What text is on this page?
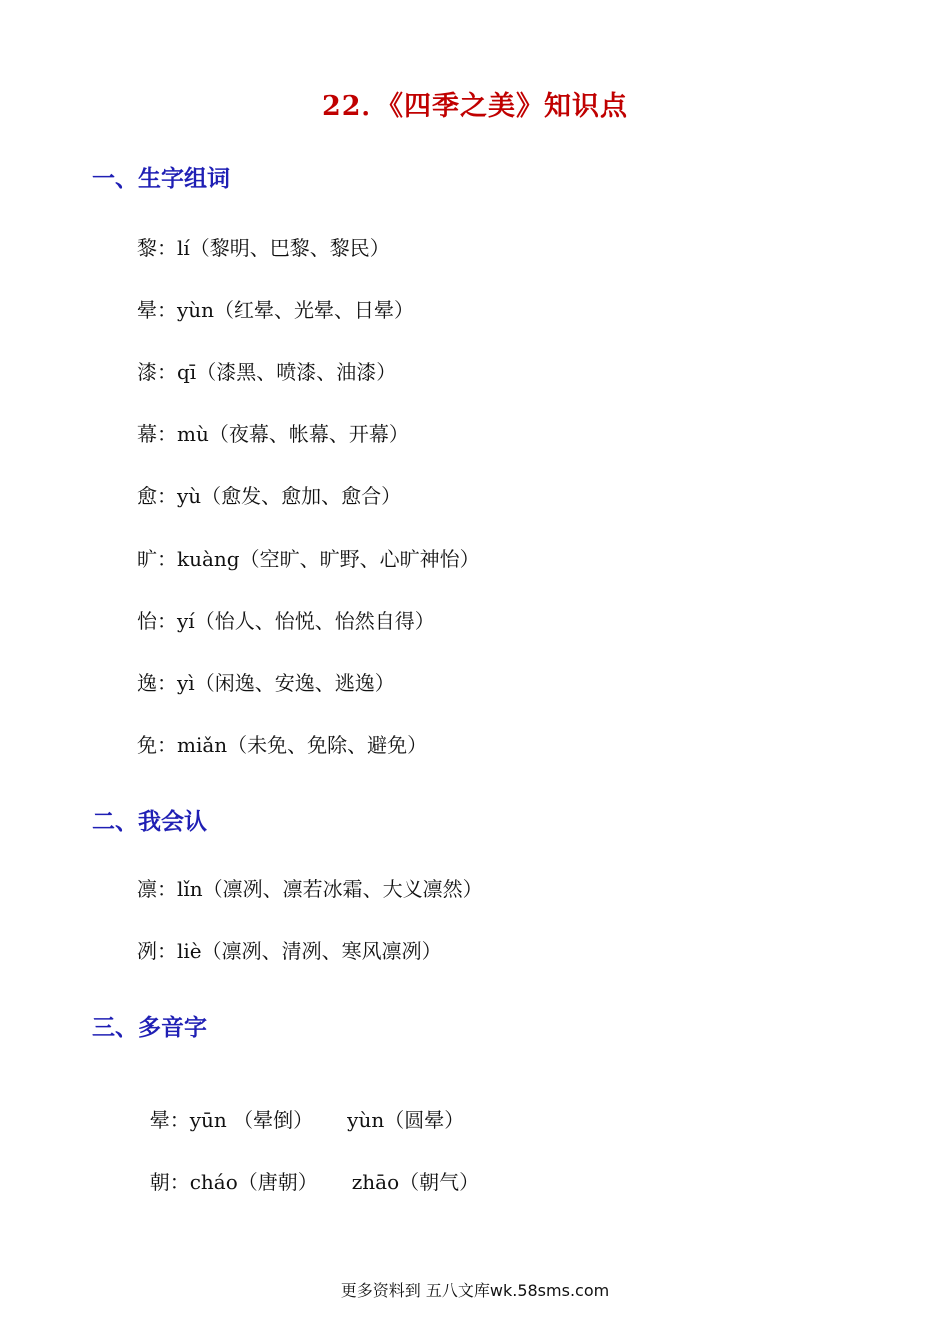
22．《四季之美》知识点
一、生字组词
黎：lí（黎明、巴黎、黎民）
晕：yùn（红晕、光晕、日晕）
漆：qī（漆黑、喷漆、油漆）
幕：mù（夜幕、帐幕、开幕）
愈：yù（愈发、愈加、愈合）
旷：kuàng（空旷、旷野、心旷神怡）
怡：yí（怡人、怡悦、怡然自得）
逸：yì（闲逸、安逸、逃逸）
免：miǎn（未免、免除、避免）
二、我会认
凛：lǐn（凛冽、凛若冰霜、大义凛然）
冽：liè（凛冽、清冽、寒风凛冽）
三、多音字

晕：yūn （晕倒） yùn（圆晕）

朝：cháo（唐朝） zhāo（朝气）

更多资料到 五八文库wk.58sms.com
